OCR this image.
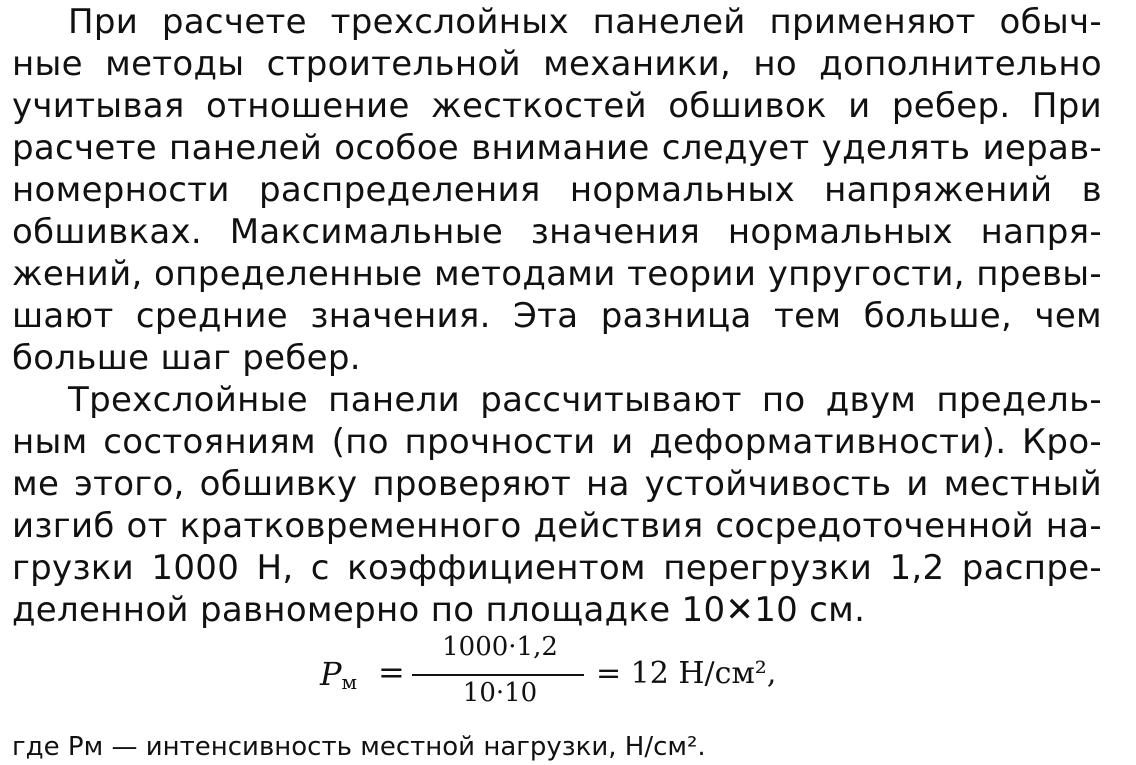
При расчете трехслойных панелей применяют обыч-
ные методы строительной механики, но дополнительно
учитывая отношение жесткостей обшивок и ребер. При
расчете панелей особое внимание следует уделять иерав-
номерности распределения нормальных напряжений в
обшивках. Максимальные значения нормальных напря-
жений, определенные методами теории упругости, превы-
шают средние значения. Эта разница тем больше, чем
больше шаг ребер.
Трехслойные панели рассчитывают по двум предель-
ным состояниям (по прочности и деформативности). Кро-
ме этого, обшивку проверяют на устойчивость и местный
изгиб от кратковременного действия сосредоточенной на-
грузки 1000 Н, с коэффициентом перегрузки 1,2 распре-
деленной равномерно по площадке 10✕10 см.
$P_м$ =
1000·1,2
10·10
= 12 Н/см²,
где Pм — интенсивность местной нагрузки, Н/см².
